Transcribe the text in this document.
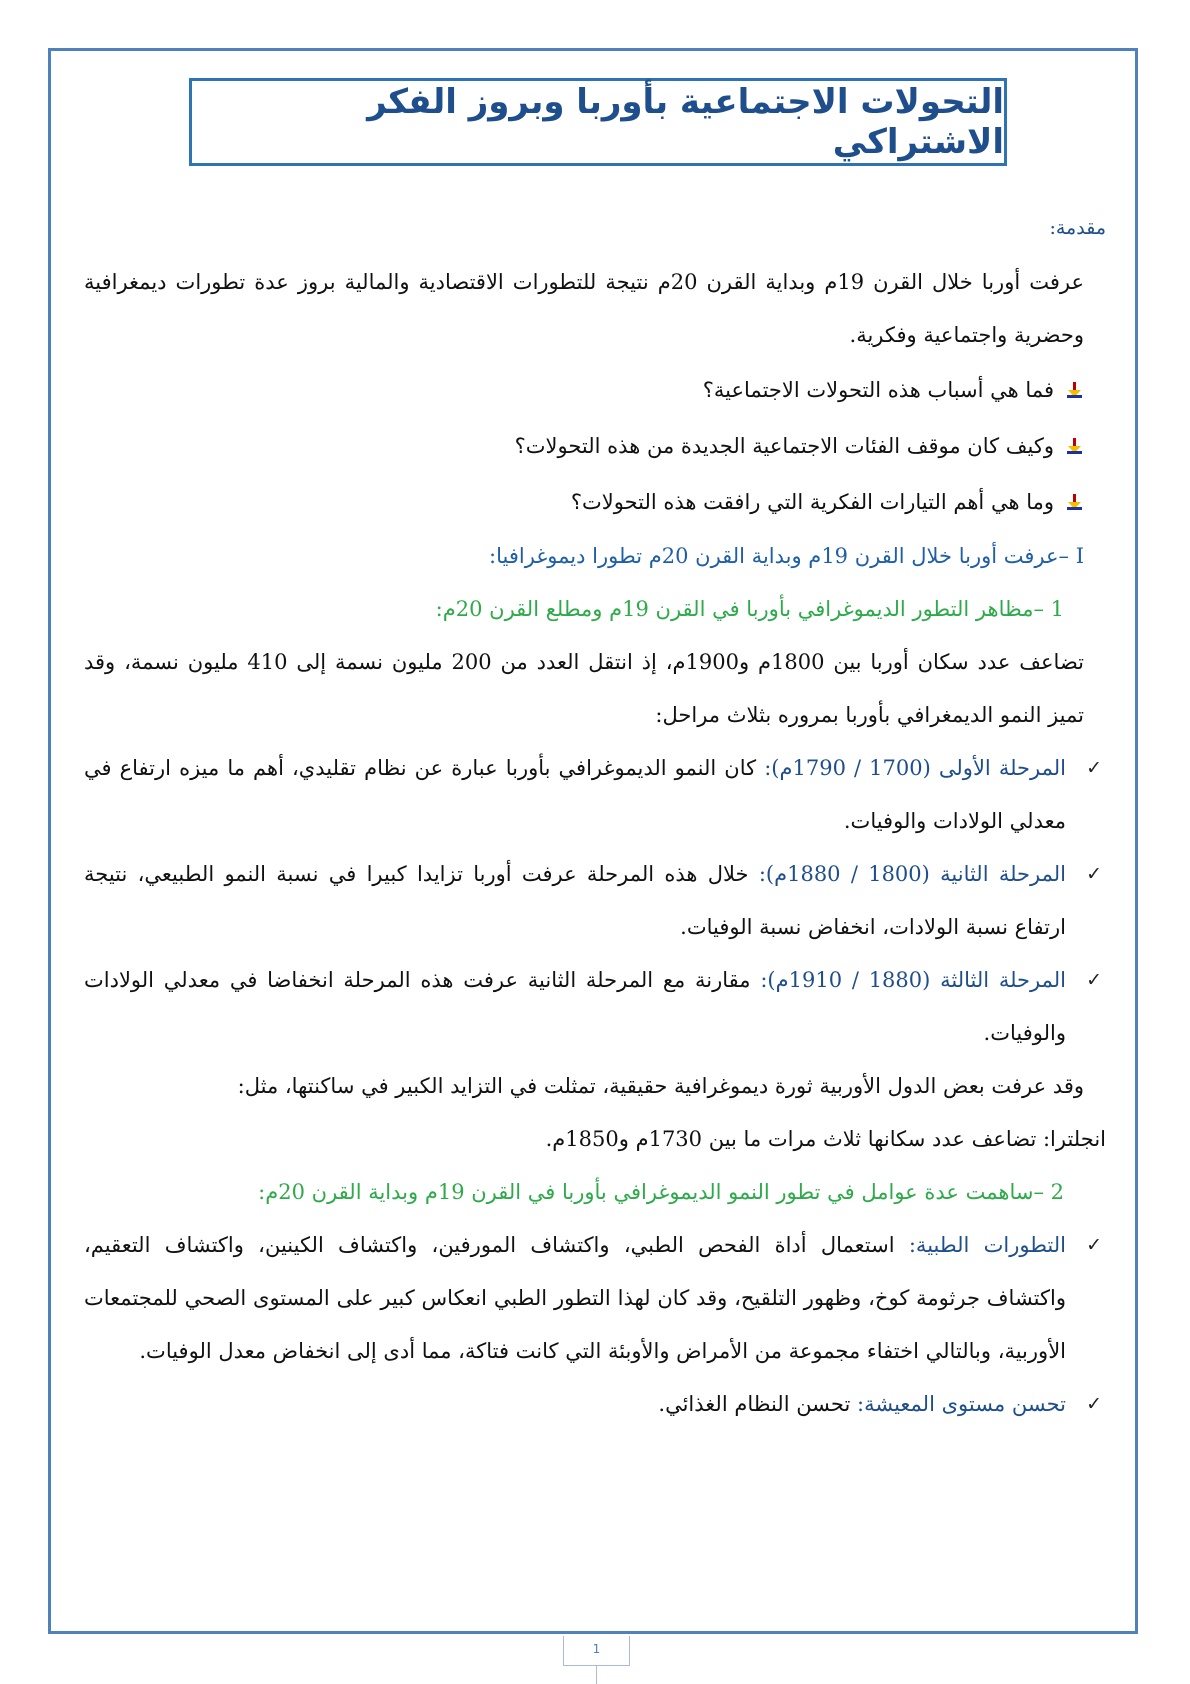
التحولات الاجتماعية بأوربا وبروز الفكر الاشتراكي

مقدمة:

عرفت أوربا خلال القرن 19م وبداية القرن 20م نتيجة للتطورات الاقتصادية والمالية بروز عدة تطورات ديمغرافية وحضرية واجتماعية وفكرية.

فما هي أسباب هذه التحولات الاجتماعية؟
وكيف كان موقف الفئات الاجتماعية الجديدة من هذه التحولات؟
وما هي أهم التيارات الفكرية التي رافقت هذه التحولات؟

I –عرفت أوربا خلال القرن 19م وبداية القرن 20م تطورا ديموغرافيا:

1 –مظاهر التطور الديموغرافي بأوربا في القرن 19م ومطلع القرن 20م:

تضاعف عدد سكان أوربا بين 1800م و1900م، إذ انتقل العدد من 200 مليون نسمة إلى 410 مليون نسمة، وقد تميز النمو الديمغرافي بأوربا بمروره بثلاث مراحل:

✓
المرحلة الأولى (1700 / 1790م): كان النمو الديموغرافي بأوربا عبارة عن نظام تقليدي، أهم ما ميزه ارتفاع في معدلي الولادات والوفيات.

✓
المرحلة الثانية (1800 / 1880م): خلال هذه المرحلة عرفت أوربا تزايدا كبيرا في نسبة النمو الطبيعي، نتيجة ارتفاع نسبة الولادات، انخفاض نسبة الوفيات.

✓
المرحلة الثالثة (1880 / 1910م): مقارنة مع المرحلة الثانية عرفت هذه المرحلة انخفاضا في معدلي الولادات والوفيات.

وقد عرفت بعض الدول الأوربية ثورة ديموغرافية حقيقية، تمثلت في التزايد الكبير في ساكنتها، مثل:

انجلترا: تضاعف عدد سكانها ثلاث مرات ما بين 1730م و1850م.

2 –ساهمت عدة عوامل في تطور النمو الديموغرافي بأوربا في القرن 19م وبداية القرن 20م:

✓
التطورات الطبية: استعمال أداة الفحص الطبي، واكتشاف المورفين، واكتشاف الكينين، واكتشاف التعقيم، واكتشاف جرثومة كوخ، وظهور التلقيح، وقد كان لهذا التطور الطبي انعكاس كبير على المستوى الصحي للمجتمعات الأوربية، وبالتالي اختفاء مجموعة من الأمراض والأوبئة التي كانت فتاكة، مما أدى إلى انخفاض معدل الوفيات.

✓
تحسن مستوى المعيشة: تحسن النظام الغذائي.

1
